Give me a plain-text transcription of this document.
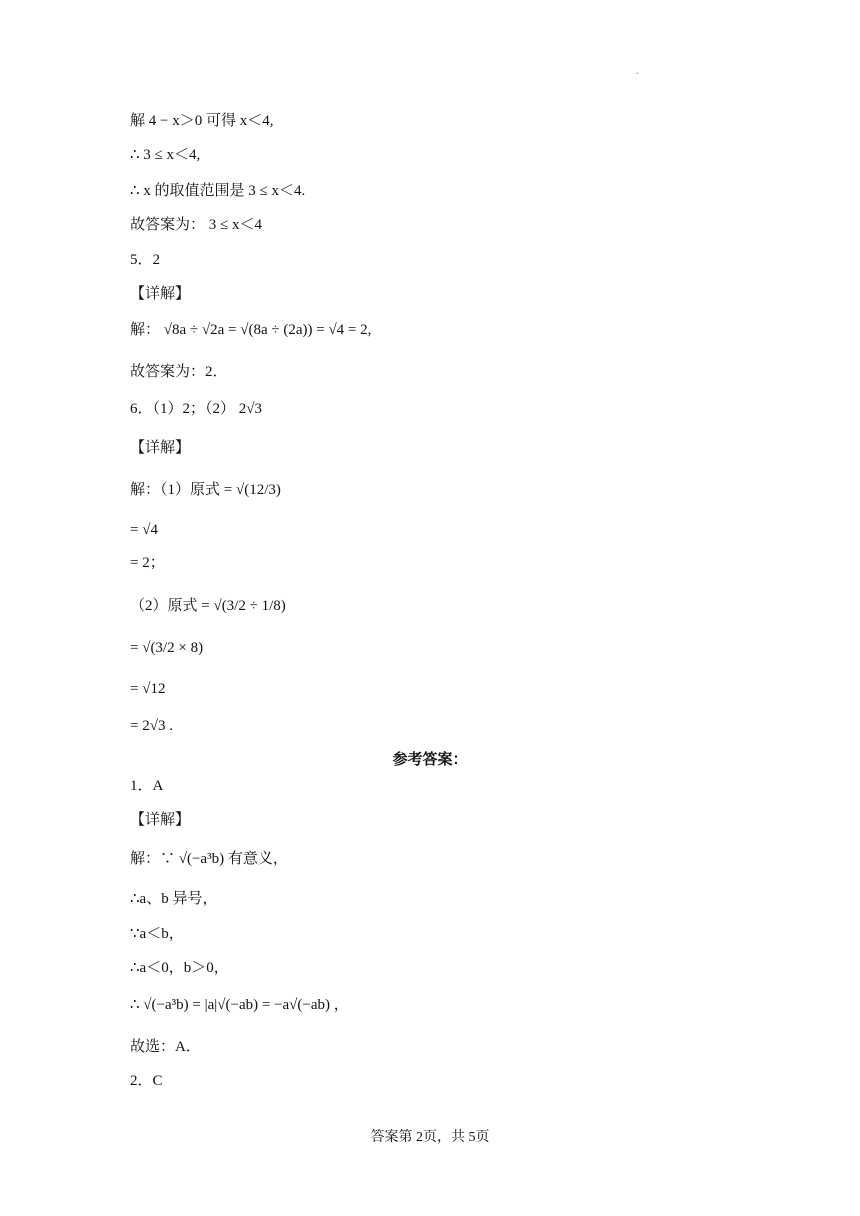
.
解 4 − x＞0 可得 x＜4,
∴ 3 ≤ x＜4,
∴ x 的取值范围是 3 ≤ x＜4.
故答案为： 3 ≤ x＜4
5．2
【详解】
解： √8a ÷ √2a = √(8a ÷ (2a)) = √4 = 2,
故答案为：2．
6．（1）2；（2） 2√3
【详解】
解：（1）原式 = √(12/3)
= √4
= 2；
（2）原式 = √(3/2 ÷ 1/8)
= √(3/2 × 8)
= √12
= 2√3 .
参考答案：
1．A
【详解】
解：∵ √(−a³b) 有意义，
∴a、b 异号，
∵a＜b，
∴a＜0，b＞0，
∴ √(−a³b) = |a|√(−ab) = −a√(−ab) ，
故选：A．
2．C
答案第 2页，共 5页
